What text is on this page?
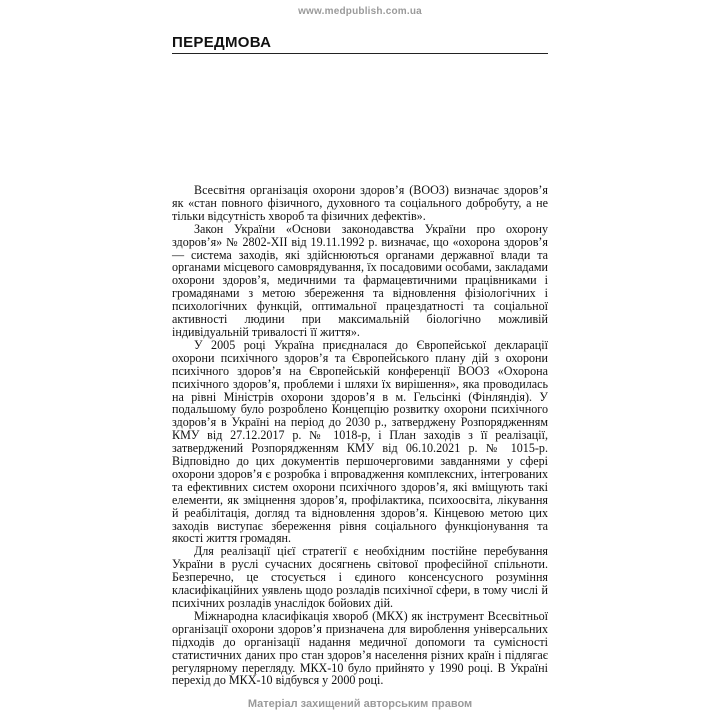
www.medpublish.com.ua
ПЕРЕДМОВА

Всесвітня організація охорони здоров’я (ВООЗ) визначає здоров’я як «стан повного фізичного, духовного та соціального добробуту, а не тільки відсутність хвороб та фізичних дефектів».

Закон України «Основи законодавства України про охорону здоров’я» № 2802-ХІІ від 19.11.1992 р. визначає, що «охорона здоров’я — система заходів, які здійснюються органами державної влади та органами місцевого самоврядування, їх посадовими особами, закладами охорони здоров’я, медичними та фармацевтичними працівниками і громадянами з метою збереження та відновлення фізіологічних і психологічних функцій, оптимальної працездатності та соціальної активності людини при максимальній біологічно можливій індивідуальній тривалості її життя».

У 2005 році Україна приєдналася до Європейської декларації охорони психічного здоров’я та Європейського плану дій з охорони психічного здоров’я на Європейській конференції ВООЗ «Охорона психічного здоров’я, проблеми і шляхи їх вирішення», яка проводилась на рівні Міністрів охорони здоров’я в м. Гельсінкі (Фінляндія). У подальшому було розроблено Концепцію розвитку охорони психічного здоров’я в Україні на період до 2030 р., затверджену Розпорядженням КМУ від 27.12.2017 р. № 1018-р, і План заходів з її реалізації, затверджений Розпорядженням КМУ від 06.10.2021 р. № 1015-р. Відповідно до цих документів першочерговими завданнями у сфері охорони здоров’я є розробка і впровадження комплексних, інтегрованих та ефективних систем охорони психічного здоров’я, які вміщують такі елементи, як зміцнення здоров’я, профілактика, психоосвіта, лікування й реабілітація, догляд та відновлення здоров’я. Кінцевою метою цих заходів виступає збереження рівня соціального функціонування та якості життя громадян.

Для реалізації цієї стратегії є необхідним постійне перебування України в руслі сучасних досягнень світової професійної спільноти. Безперечно, це стосується і єдиного консенсусного розуміння класифікаційних уявлень щодо розладів психічної сфери, в тому числі й психічних розладів унаслідок бойових дій.

Міжнародна класифікація хвороб (МКХ) як інструмент Всесвітньої організації охорони здоров’я призначена для вироблення універсальних підходів до організації надання медичної допомоги та сумісності статистичних даних про стан здоров’я населення різних країн і підлягає регулярному перегляду. МКХ-10 було прийнято у 1990 році. В Україні перехід до МКХ-10 відбувся у 2000 році.

Матеріал захищений авторським правом
